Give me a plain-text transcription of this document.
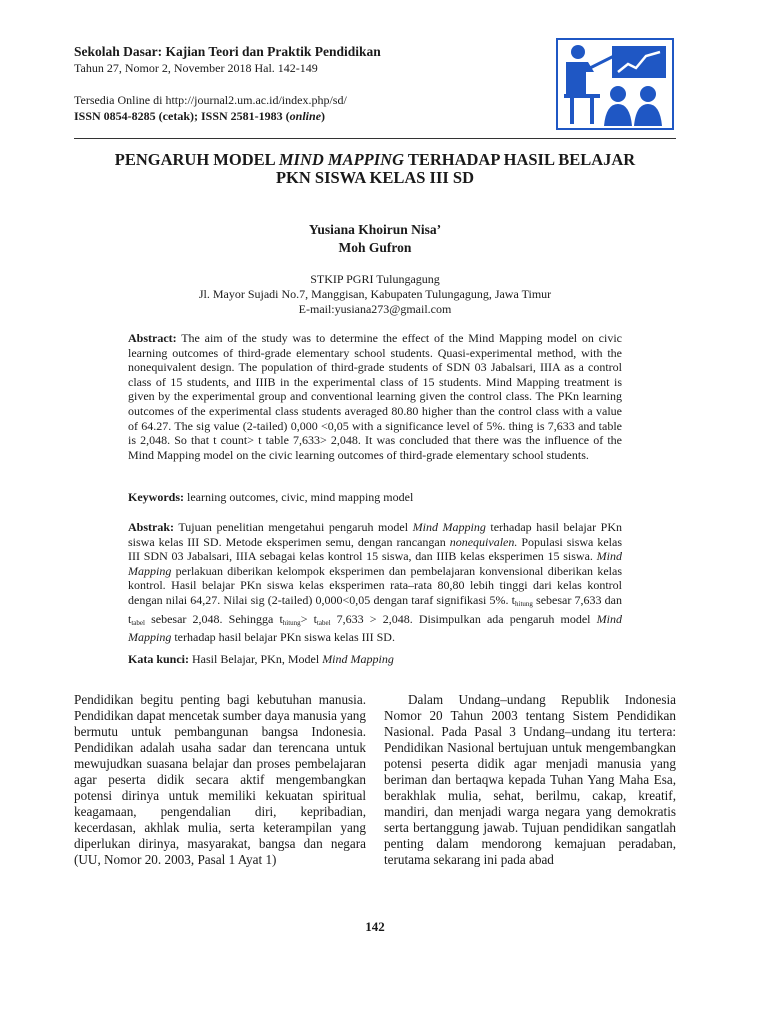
Sekolah Dasar: Kajian Teori dan Praktik Pendidikan
Tahun 27, Nomor 2, November 2018 Hal. 142-149
Tersedia Online di http://journal2.um.ac.id/index.php/sd/
ISSN 0854-8285 (cetak); ISSN 2581-1983 (online)
PENGARUH MODEL MIND MAPPING TERHADAP HASIL BELAJAR
PKN SISWA KELAS III SD
Yusiana Khoirun Nisa’
Moh Gufron
STKIP PGRI Tulungagung
Jl. Mayor Sujadi No.7, Manggisan, Kabupaten Tulungagung, Jawa Timur
E-mail:yusiana273@gmail.com
Abstract: The aim of the study was to determine the effect of the Mind Mapping model on civic learning outcomes of third-grade elementary school students. Quasi-experimental method, with the nonequivalent design. The population of third-grade students of SDN 03 Jabalsari, IIIA as a control class of 15 students, and IIIB in the experimental class of 15 students. Mind Mapping treatment is given by the experimental group and conventional learning given the control class. The PKn learning outcomes of the experimental class students averaged 80.80 higher than the control class with a value of 64.27. The sig value (2-tailed) 0,000 <0,05 with a significance level of 5%. thing is 7,633 and table is 2,048. So that t count> t table 7,633> 2,048. It was concluded that there was the influence of the Mind Mapping model on the civic learning outcomes of third-grade elementary school students.
Keywords: learning outcomes, civic, mind mapping model
Abstrak: Tujuan penelitian mengetahui pengaruh model Mind Mapping terhadap hasil belajar PKn siswa kelas III SD. Metode eksperimen semu, dengan rancangan nonequivalen. Populasi siswa kelas III SDN 03 Jabalsari, IIIA sebagai kelas kontrol 15 siswa, dan IIIB kelas eksperimen 15 siswa. Mind Mapping perlakuan diberikan kelompok eksperimen dan pembelajaran konvensional diberikan kelas kontrol. Hasil belajar PKn siswa kelas eksperimen rata–rata 80,80 lebih tinggi dari kelas kontrol dengan nilai 64,27. Nilai sig (2-tailed) 0,000<0,05 dengan taraf signifikasi 5%. $t_{hitung}$ sebesar 7,633 dan $t_{tabel}$ sebesar 2,048. Sehingga $t_{hitung}> t_{tabel}$ 7,633 > 2,048. Disimpulkan ada pengaruh model Mind Mapping terhadap hasil belajar PKn siswa kelas III SD.
Kata kunci: Hasil Belajar, PKn, Model Mind Mapping

Pendidikan begitu penting bagi kebutuhan manusia. Pendidikan dapat mencetak sumber daya manusia yang bermutu untuk pembangunan bangsa Indonesia. Pendidikan adalah usaha sadar dan terencana untuk mewujudkan suasana belajar dan proses pembelajaran agar peserta didik secara aktif mengembangkan potensi dirinya untuk memiliki kekuatan spiritual keagamaan, pengendalian diri, kepribadian, kecerdasan, akhlak mulia, serta keterampilan yang diperlukan dirinya, masyarakat, bangsa dan negara (UU, Nomor 20. 2003, Pasal 1 Ayat 1)

Dalam Undang–undang Republik Indonesia Nomor 20 Tahun 2003 tentang Sistem Pendidikan Nasional. Pada Pasal 3 Undang–undang itu tertera: Pendidikan Nasional bertujuan untuk mengembangkan potensi peserta didik agar menjadi manusia yang beriman dan bertaqwa kepada Tuhan Yang Maha Esa, berakhlak mulia, sehat, berilmu, cakap, kreatif, mandiri, dan menjadi warga negara yang demokratis serta bertanggung jawab. Tujuan pendidikan sangatlah penting dalam mendorong kemajuan peradaban, terutama sekarang ini pada abad

142
